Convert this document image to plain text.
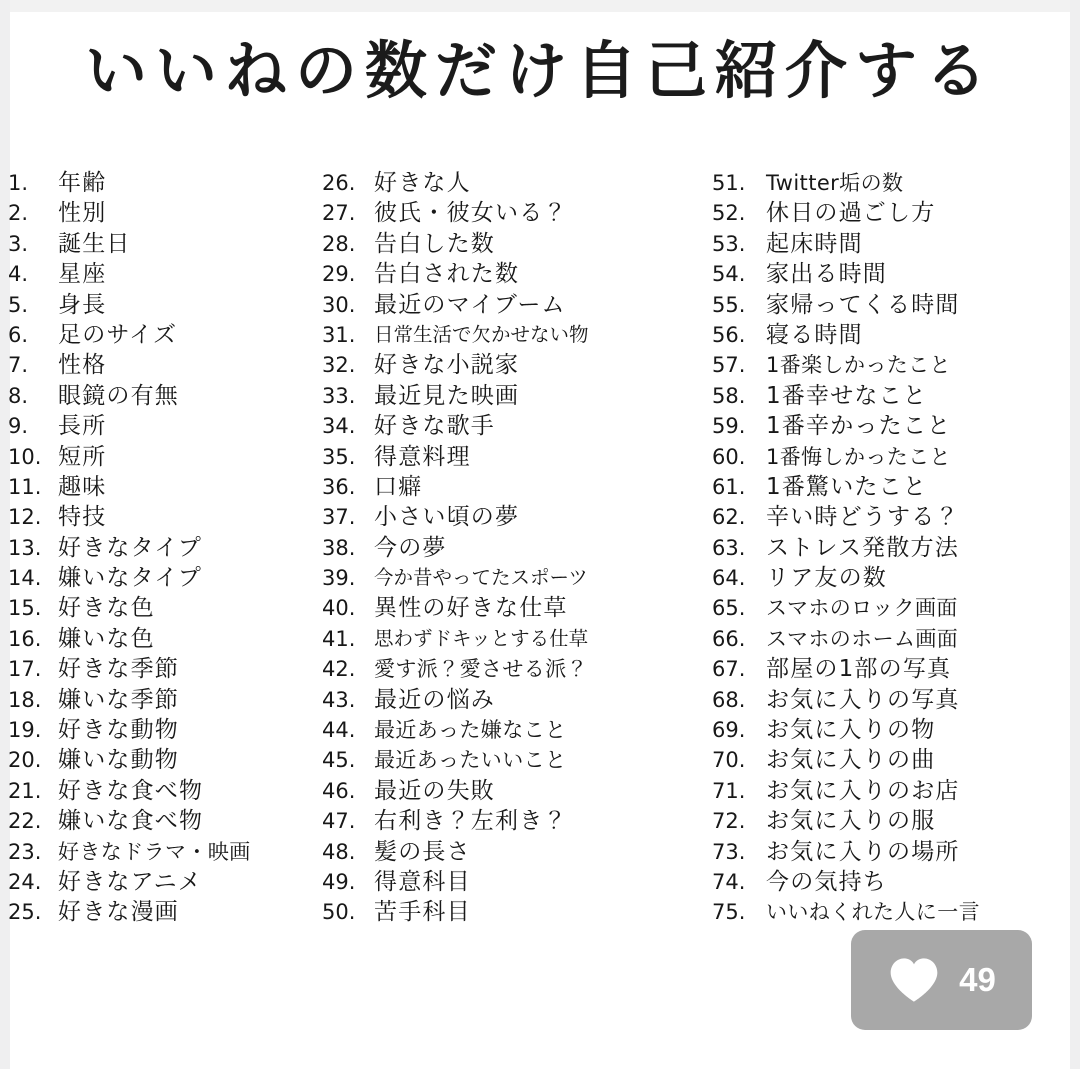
いいねの数だけ自己紹介する
1.	年齢
2.	性別
3.	誕生日
4.	星座
5.	身長
6.	足のサイズ
7.	性格
8.	眼鏡の有無
9.	長所
10. 短所
11. 趣味
12. 特技
13. 好きなタイプ
14. 嫌いなタイプ
15. 好きな色
16. 嫌いな色
17. 好きな季節
18. 嫌いな季節
19. 好きな動物
20. 嫌いな動物
21. 好きな食べ物
22. 嫌いな食べ物
23. 好きなドラマ・映画
24. 好きなアニメ
25. 好きな漫画
26. 好きな人
27. 彼氏・彼女いる？
28. 告白した数
29. 告白された数
30. 最近のマイブーム
31. 日常生活で欠かせない物
32. 好きな小説家
33. 最近見た映画
34. 好きな歌手
35. 得意料理
36. 口癖
37. 小さい頃の夢
38. 今の夢
39. 今か昔やってたスポーツ
40. 異性の好きな仕草
41. 思わずドキッとする仕草
42. 愛す派？愛させる派？
43. 最近の悩み
44. 最近あった嫌なこと
45. 最近あったいいこと
46. 最近の失敗
47. 右利き？左利き？
48. 髪の長さ
49. 得意科目
50. 苦手科目
51. Twitter垢の数
52. 休日の過ごし方
53. 起床時間
54. 家出る時間
55. 家帰ってくる時間
56. 寝る時間
57. 1番楽しかったこと
58. 1番幸せなこと
59. 1番辛かったこと
60. 1番悔しかったこと
61. 1番驚いたこと
62. 辛い時どうする？
63. ストレス発散方法
64. リア友の数
65. スマホのロック画面
66. スマホのホーム画面
67. 部屋の1部の写真
68. お気に入りの写真
69. お気に入りの物
70. お気に入りの曲
71. お気に入りのお店
72. お気に入りの服
73. お気に入りの場所
74. 今の気持ち
75. いいねくれた人に一言
49
